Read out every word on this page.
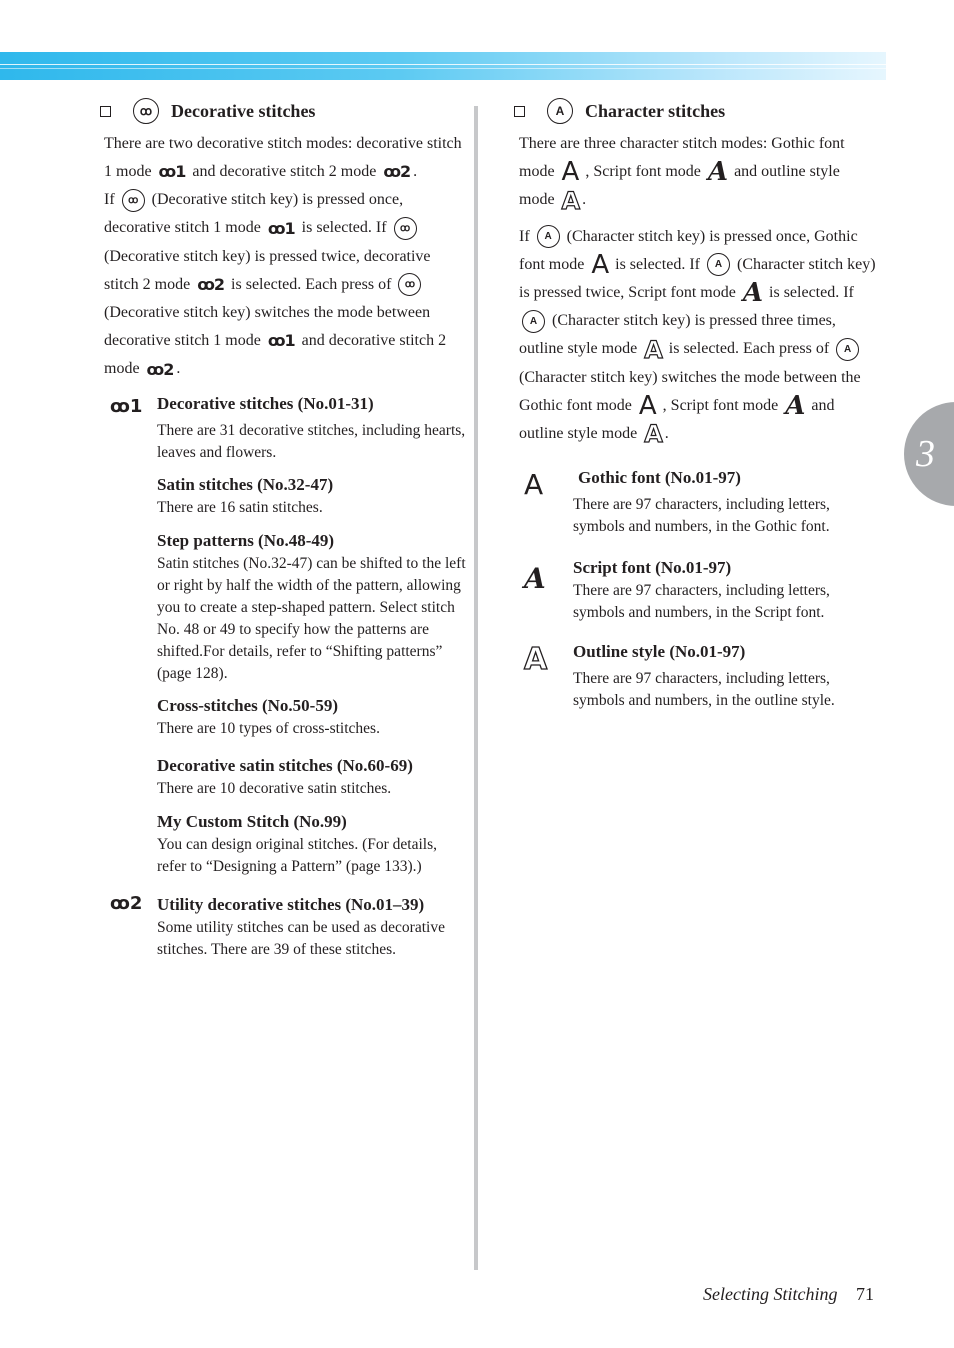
3
ꚙ	Decorative stitches
There are two decorative stitch modes: decorative stitch 1 mode ꚙ1 and decorative stitch 2 mode ꚙ2 .
If ꚙ (Decorative stitch key) is pressed once, decorative stitch 1 mode ꚙ1 is selected. If ꚙ (Decorative stitch key) is pressed twice, decorative stitch 2 mode ꚙ2 is selected. Each press of ꚙ (Decorative stitch key) switches the mode between decorative stitch 1 mode ꚙ1 and decorative stitch 2 mode ꚙ2 .
ꚙ1 Decorative stitches (No.01-31)

There are 31 decorative stitches, including hearts, leaves and flowers.

Satin stitches (No.32-47)

There are 16 satin stitches.

Step patterns (No.48-49)

Satin stitches (No.32-47) can be shifted to the left or right by half the width of the pattern, allowing you to create a step-shaped pattern. Select stitch No. 48 or 49 to specify how the patterns are shifted.For details, refer to “Shifting patterns” (page 128).

Cross-stitches (No.50-59)

There are 10 types of cross-stitches.

Decorative satin stitches (No.60-69)

There are 10 decorative satin stitches.

My Custom Stitch (No.99)

You can design original stitches. (For details, refer to “Designing a Pattern” (page 133).)

ꚙ2 Utility decorative stitches (No.01–39)

Some utility stitches can be used as decorative stitches. There are 39 of these stitches.

A	Character stitches
There are three character stitch modes: Gothic font mode A , Script font mode A and outline style mode A .
If A (Character stitch key) is pressed once, Gothic font mode A is selected. If A (Character stitch key) is pressed twice, Script font mode A is selected. If A (Character stitch key) is pressed three times, outline style mode A is selected. Each press of A (Character stitch key) switches the mode between the Gothic font mode A , Script font mode A and outline style mode A .
A Gothic font (No.01-97)

There are 97 characters, including letters, symbols and numbers, in the Gothic font.

A Script font (No.01-97)

There are 97 characters, including letters, symbols and numbers, in the Script font.

A Outline style (No.01-97)

There are 97 characters, including letters, symbols and numbers, in the outline style.

Selecting Stitching 71
